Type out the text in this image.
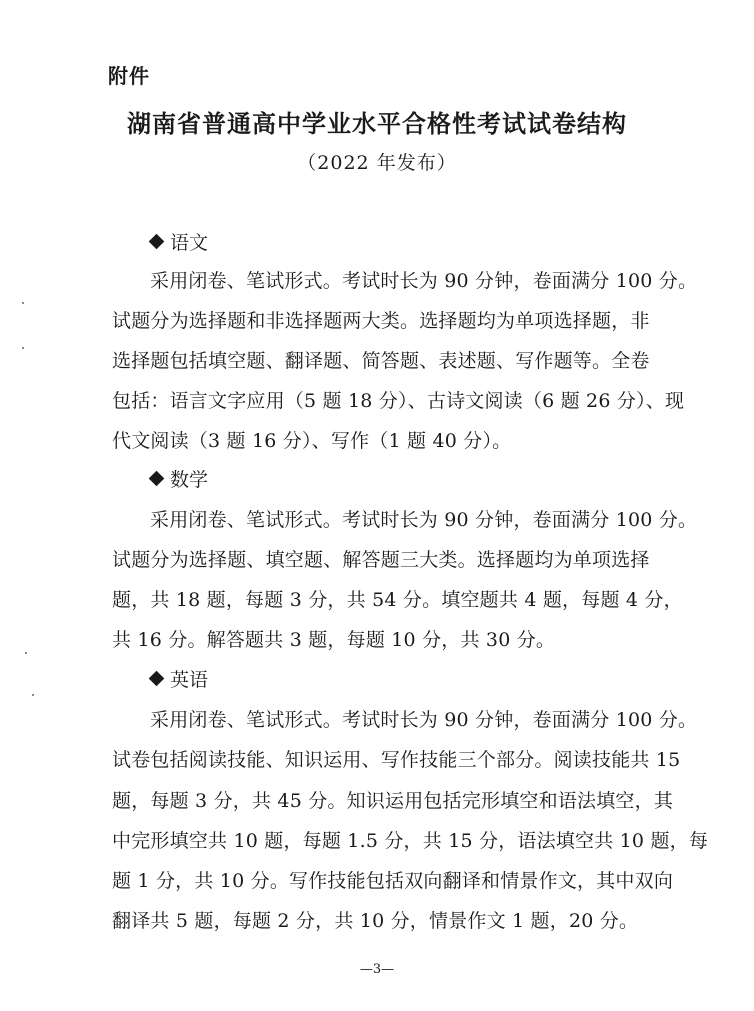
附件
湖南省普通高中学业水平合格性考试试卷结构
（2022 年发布）
语文
采用闭卷、笔试形式。考试时长为 90 分钟，卷面满分 100 分。
试题分为选择题和非选择题两大类。选择题均为单项选择题，非
选择题包括填空题、翻译题、简答题、表述题、写作题等。全卷
包括：语言文字应用（5 题 18 分）、古诗文阅读（6 题 26 分）、现
代文阅读（3 题 16 分）、写作（1 题 40 分）。
数学
采用闭卷、笔试形式。考试时长为 90 分钟，卷面满分 100 分。
试题分为选择题、填空题、解答题三大类。选择题均为单项选择
题，共 18 题，每题 3 分，共 54 分。填空题共 4 题，每题 4 分，
共 16 分。解答题共 3 题，每题 10 分，共 30 分。
英语
采用闭卷、笔试形式。考试时长为 90 分钟，卷面满分 100 分。
试卷包括阅读技能、知识运用、写作技能三个部分。阅读技能共 15
题，每题 3 分，共 45 分。知识运用包括完形填空和语法填空，其
中完形填空共 10 题，每题 1.5 分，共 15 分，语法填空共 10 题，每
题 1 分，共 10 分。写作技能包括双向翻译和情景作文，其中双向
翻译共 5 题，每题 2 分，共 10 分，情景作文 1 题，20 分。
—3—
